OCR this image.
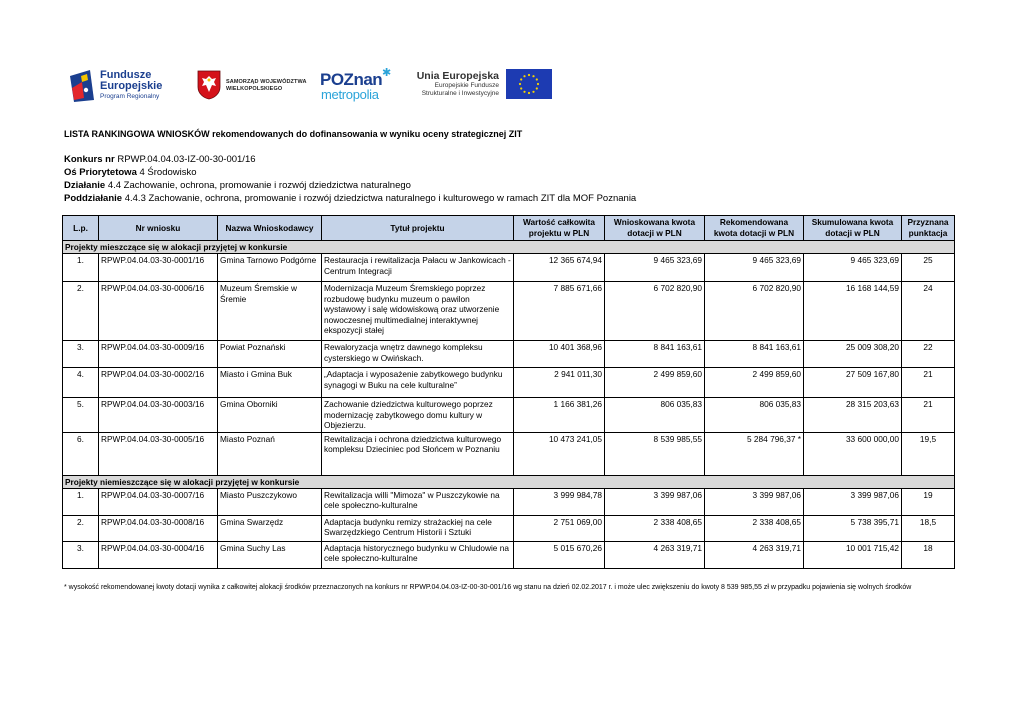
Fundusze
Europejskie
Program Regionalny
SAMORZĄD WOJEWÓDZTWA
WIELKOPOLSKIEGO	POZnan ✱
metropolia
Unia Europejska
Europejskie Fundusze
Strukturalne i Inwestycyjne
LISTA RANKINGOWA WNIOSKÓW rekomendowanych do dofinansowania w wyniku oceny strategicznej ZIT
Konkurs nr RPWP.04.04.03-IZ-00-30-001/16
Oś Priorytetowa 4 Środowisko
Działanie 4.4 Zachowanie, ochrona, promowanie i rozwój dziedzictwa naturalnego
Poddziałanie 4.4.3 Zachowanie, ochrona, promowanie i rozwój dziedzictwa naturalnego i kulturowego w ramach ZIT dla MOF Poznania
L.p.	Nr wniosku	Nazwa Wnioskodawcy	Tytuł projektu	Wartość całkowita projektu w PLN	Wnioskowana kwota dotacji w PLN	Rekomendowana kwota dotacji w PLN	Skumulowana kwota dotacji w PLN	Przyznana punktacja
Projekty mieszczące się w alokacji przyjętej w konkursie								
1.	RPWP.04.04.03-30-0001/16	Gmina Tarnowo Podgórne	Restauracja i rewitalizacja Pałacu w Jankowicach - Centrum Integracji	12 365 674,94	9 465 323,69	9 465 323,69	9 465 323,69	25
2.	RPWP.04.04.03-30-0006/16	Muzeum Śremskie w Śremie	Modernizacja Muzeum Śremskiego poprzez rozbudowę budynku muzeum o pawilon wystawowy i salę widowiskową oraz utworzenie nowoczesnej multimedialnej interaktywnej ekspozycji stałej	7 885 671,66	6 702 820,90	6 702 820,90	16 168 144,59	24
3.	RPWP.04.04.03-30-0009/16	Powiat Poznański	Rewaloryzacja wnętrz dawnego kompleksu cysterskiego w Owińskach.	10 401 368,96	8 841 163,61	8 841 163,61	25 009 308,20	22
4.	RPWP.04.04.03-30-0002/16	Miasto i Gmina Buk	„Adaptacja i wyposażenie zabytkowego budynku synagogi w Buku na cele kulturalne”	2 941 011,30	2 499 859,60	2 499 859,60	27 509 167,80	21
5.	RPWP.04.04.03-30-0003/16	Gmina Oborniki	Zachowanie dziedzictwa kulturowego poprzez modernizację zabytkowego domu kultury w Objezierzu.	1 166 381,26	806 035,83	806 035,83	28 315 203,63	21
6.	RPWP.04.04.03-30-0005/16	Miasto Poznań	Rewitalizacja i ochrona dziedzictwa kulturowego kompleksu Dzieciniec pod Słońcem w Poznaniu	10 473 241,05	8 539 985,55	5 284 796,37 *	33 600 000,00	19,5
Projekty niemieszczące się w alokacji przyjętej w konkursie								
1.	RPWP.04.04.03-30-0007/16	Miasto Puszczykowo	Rewitalizacja willi "Mimoza" w Puszczykowie na cele społeczno-kulturalne	3 999 984,78	3 399 987,06	3 399 987,06	3 399 987,06	19
2.	RPWP.04.04.03-30-0008/16	Gmina Swarzędz	Adaptacja budynku remizy strażackiej na cele Swarzędzkiego Centrum Historii i Sztuki	2 751 069,00	2 338 408,65	2 338 408,65	5 738 395,71	18,5
3.	RPWP.04.04.03-30-0004/16	Gmina Suchy Las	Adaptacja historycznego budynku w Chludowie na cele społeczno-kulturalne	5 015 670,26	4 263 319,71	4 263 319,71	10 001 715,42	18
* wysokość rekomendowanej kwoty dotacji wynika z całkowitej alokacji środków przeznaczonych na konkurs nr RPWP.04.04.03-IZ-00-30-001/16 wg stanu na dzień 02.02.2017 r. i może ulec zwiększeniu do kwoty 8 539 985,55 zł w przypadku pojawienia się wolnych środków
